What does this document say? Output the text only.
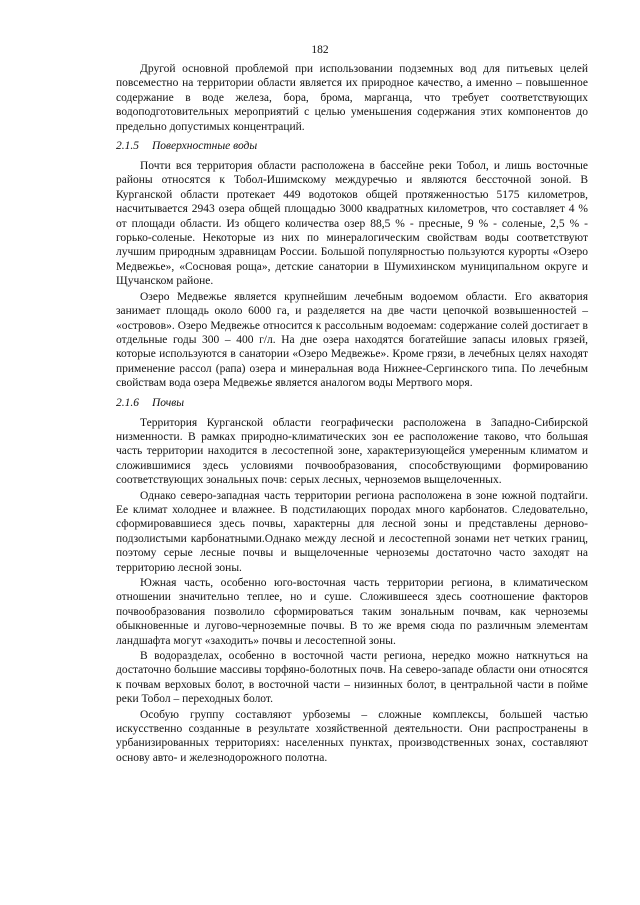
182

Другой основной проблемой при использовании подземных вод для питьевых целей повсеместно на территории области является их природное качество, а именно – повышенное содержание в воде железа, бора, брома, марганца, что требует соответствующих водоподготовительных мероприятий с целью уменьшения содержания этих компонентов до предельно допустимых концентраций.

2.1.5 Поверхностные воды

Почти вся территория области расположена в бассейне реки Тобол, и лишь восточные районы относятся к Тобол-Ишимскому междуречью и являются бессточной зоной. В Курганской области протекает 449 водотоков общей протяженностью 5175 километров, насчитывается 2943 озера общей площадью 3000 квадратных километров, что составляет 4 % от площади области. Из общего количества озер 88,5 % - пресные, 9 % - соленые, 2,5 % - горько-соленые. Некоторые из них по минералогическим свойствам воды соответствуют лучшим природным здравницам России. Большой популярностью пользуются курорты «Озеро Медвежье», «Сосновая роща», детские санатории в Шумихинском муниципальном округе и Щучанском районе.

Озеро Медвежье является крупнейшим лечебным водоемом области. Его акватория занимает площадь около 6000 га, и разделяется на две части цепочкой возвышенностей – «островов». Озеро Медвежье относится к рассольным водоемам: содержание солей достигает в отдельные годы 300 – 400 г/л. На дне озера находятся богатейшие запасы иловых грязей, которые используются в санатории «Озеро Медвежье». Кроме грязи, в лечебных целях находят применение рассол (рапа) озера и минеральная вода Нижнее-Сергинского типа. По лечебным свойствам вода озера Медвежье является аналогом воды Мертвого моря.

2.1.6 Почвы

Территория Курганской области географически расположена в Западно-Сибирской низменности. В рамках природно-климатических зон ее расположение таково, что большая часть территории находится в лесостепной зоне, характеризующейся умеренным климатом и сложившимися здесь условиями почвообразования, способствующими формированию соответствующих зональных почв: серых лесных, черноземов выщелоченных.

Однако северо-западная часть территории региона расположена в зоне южной подтайги. Ее климат холоднее и влажнее. В подстилающих породах много карбонатов. Следовательно, сформировавшиеся здесь почвы, характерны для лесной зоны и представлены дерново-подзолистыми карбонатными.Однако между лесной и лесостепной зонами нет четких границ, поэтому серые лесные почвы и выщелоченные черноземы достаточно часто заходят на территорию лесной зоны.

Южная часть, особенно юго-восточная часть территории региона, в климатическом отношении значительно теплее, но и суше. Сложившееся здесь соотношение факторов почвообразования позволило сформироваться таким зональным почвам, как черноземы обыкновенные и лугово-черноземные почвы. В то же время сюда по различным элементам ландшафта могут «заходить» почвы и лесостепной зоны.

В водоразделах, особенно в восточной части региона, нередко можно наткнуться на достаточно большие массивы торфяно-болотных почв. На северо-западе области они относятся к почвам верховых болот, в восточной части – низинных болот, в центральной части в пойме реки Тобол – переходных болот.

Особую группу составляют урбоземы – сложные комплексы, большей частью искусственно созданные в результате хозяйственной деятельности. Они распространены в урбанизированных территориях: населенных пунктах, производственных зонах, составляют основу авто- и железнодорожного полотна.
